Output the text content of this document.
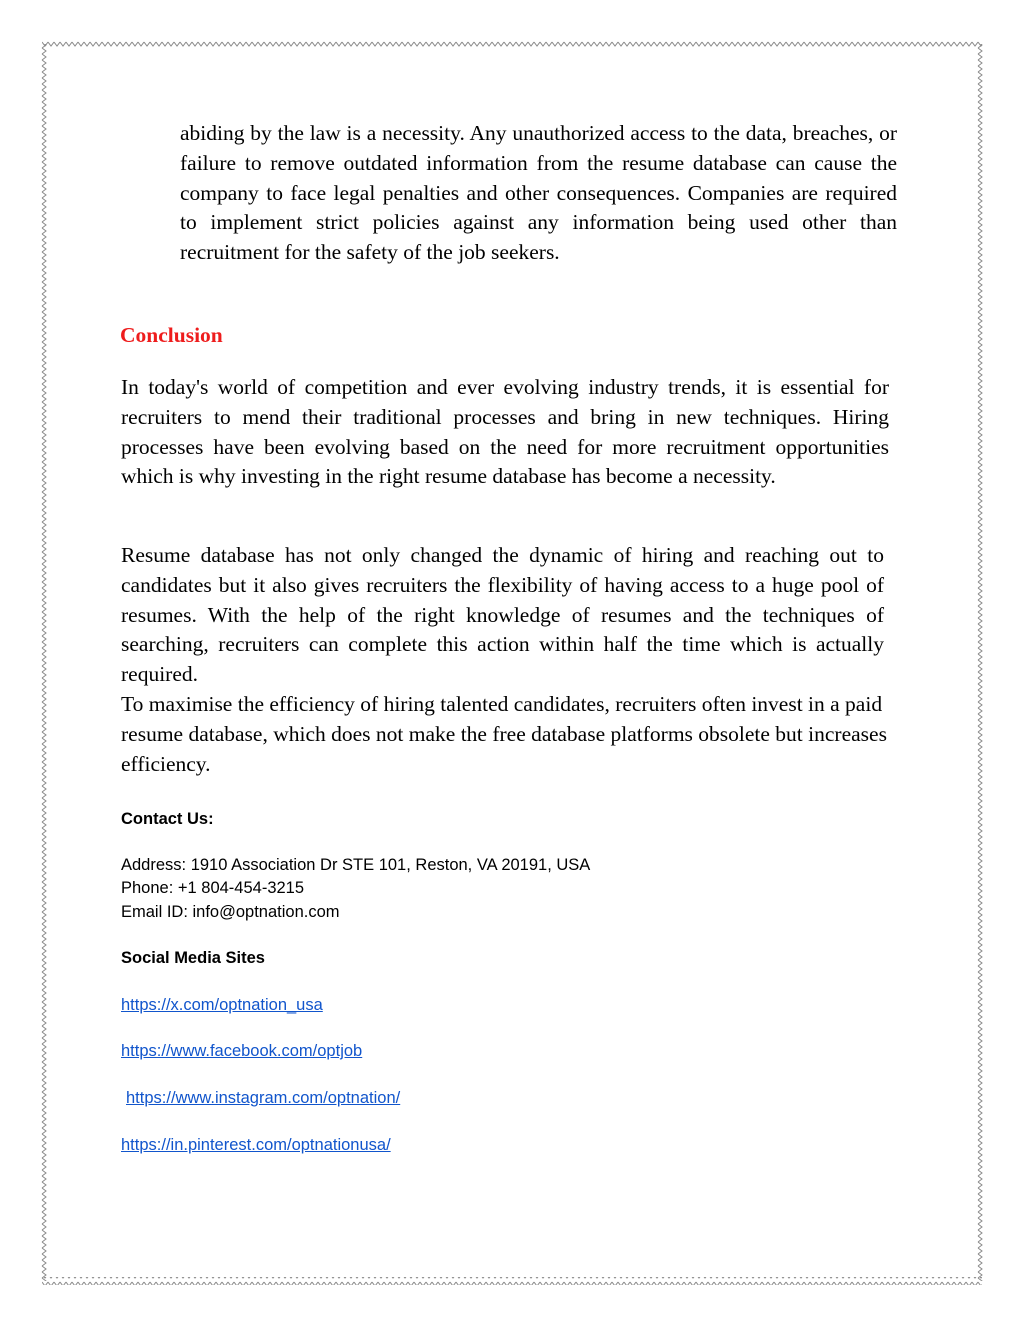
abiding by the law is a necessity. Any unauthorized access to the data, breaches, or failure to remove outdated information from the resume database can cause the company to face legal penalties and other consequences. Companies are required to implement strict policies against any information being used other than recruitment for the safety of the job seekers.

Conclusion

In today's world of competition and ever evolving industry trends, it is essential for recruiters to mend their traditional processes and bring in new techniques. Hiring processes have been evolving based on the need for more recruitment opportunities which is why investing in the right resume database has become a necessity.

Resume database has not only changed the dynamic of hiring and reaching out to candidates but it also gives recruiters the flexibility of having access to a huge pool of resumes. With the help of the right knowledge of resumes and the techniques of searching, recruiters can complete this action within half the time which is actually required.

To maximise the efficiency of hiring talented candidates, recruiters often invest in a paid resume database, which does not make the free database platforms obsolete but increases efficiency.

Contact Us:

Address: 1910 Association Dr STE 101, Reston, VA 20191, USA

Phone: +1 804-454-3215

Email ID: info@optnation.com

Social Media Sites

https://x.com/optnation_usa

https://www.facebook.com/optjob

https://www.instagram.com/optnation/

https://in.pinterest.com/optnationusa/
